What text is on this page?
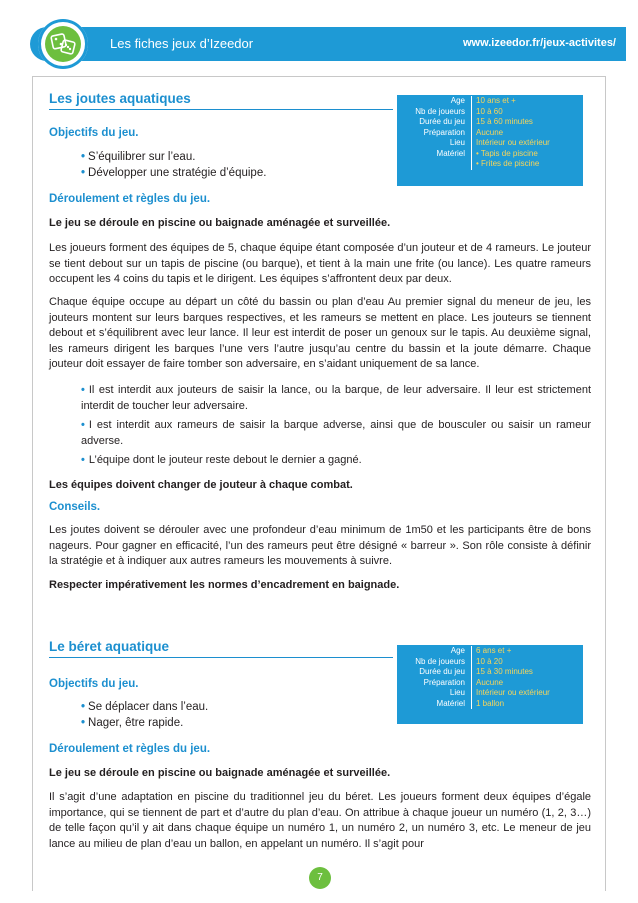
Les fiches jeux d’Izeedor	www.izeedor.fr/jeux-activites/
Les joutes aquatiques	Age	10 ans et +
Nb de joueurs	10 à 60
Durée du jeu	15 à 60 minutes
Préparation	Aucune
Lieu	Intérieur ou extérieur
Matériel	• Tapis de piscine
• Frites de piscine
Objectifs du jeu.
• S’équilibrer sur l’eau.
• Développer une stratégie d’équipe.
Déroulement et règles du jeu.

Le jeu se déroule en piscine ou baignade aménagée et surveillée.

Les joueurs forment des équipes de 5, chaque équipe étant composée d’un jouteur et de 4 rameurs. Le jouteur se tient debout sur un tapis de piscine (ou barque), et tient à la main une frite (ou lance). Les quatre rameurs occupent les 4 coins du tapis et le dirigent. Les équipes s’affrontent deux par deux.

Chaque équipe occupe au départ un côté du bassin ou plan d’eau Au premier signal du meneur de jeu, les jouteurs montent sur leurs barques respectives, et les rameurs se mettent en place. Les jouteurs se tiennent debout et s’équilibrent avec leur lance. Il leur est interdit de poser un genoux sur le tapis. Au deuxième signal, les rameurs dirigent les barques l’une vers l’autre jusqu’au centre du bassin et la joute démarre. Chaque jouteur doit essayer de faire tomber son adversaire, en s’aidant uniquement de sa lance.

• Il est interdit aux jouteurs de saisir la lance, ou la barque, de leur adversaire. Il leur est strictement interdit de toucher leur adversaire.

• I est interdit aux rameurs de saisir la barque adverse, ainsi que de bousculer ou saisir un rameur adverse.

• L’équipe dont le jouteur reste debout le dernier a gagné.

Les équipes doivent changer de jouteur à chaque combat.

Conseils.

Les joutes doivent se dérouler avec une profondeur d’eau minimum de 1m50 et les participants être de bons nageurs. Pour gagner en efficacité, l’un des rameurs peut être désigné « barreur ». Son rôle consiste à définir la stratégie et à indiquer aux autres rameurs les mouvements à suivre.

Respecter impérativement les normes d’encadrement en baignade.

Le béret aquatique	Age	6 ans et +
Nb de joueurs	10 à 20
Durée du jeu	15 à 30 minutes
Préparation	Aucune
Lieu	Intérieur ou extérieur
Matériel	1 ballon
Objectifs du jeu.
• Se déplacer dans l’eau.
• Nager, être rapide.
Déroulement et règles du jeu.

Le jeu se déroule en piscine ou baignade aménagée et surveillée.

Il s’agit d’une adaptation en piscine du traditionnel jeu du béret. Les joueurs forment deux équipes d’égale importance, qui se tiennent de part et d’autre du plan d’eau. On attribue à chaque joueur un numéro (1, 2, 3…) de telle façon qu’il y ait dans chaque équipe un numéro 1, un numéro 2, un numéro 3, etc. Le meneur de jeu lance au milieu de plan d’eau un ballon, en appelant un numéro. Il s’agit pour

7
